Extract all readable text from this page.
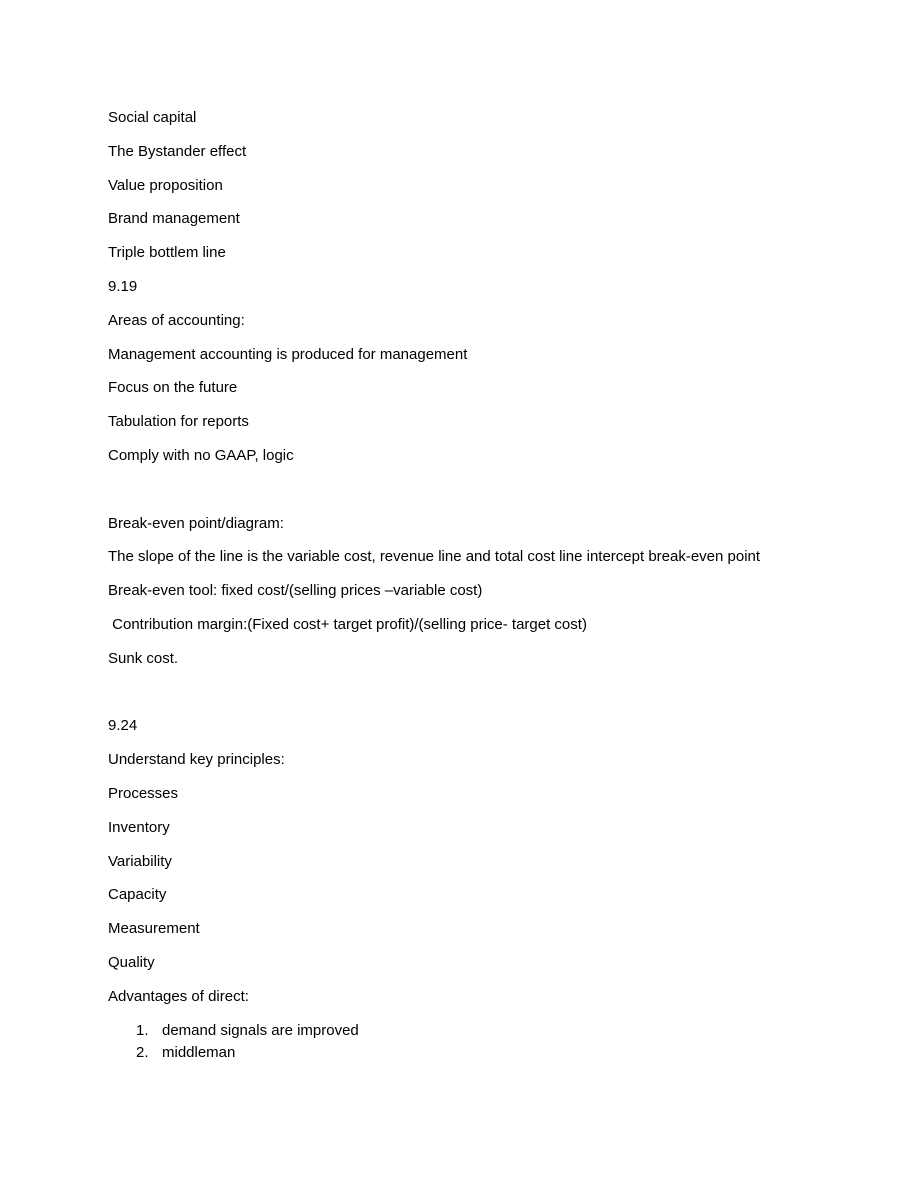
Social capital
The Bystander effect
Value proposition
Brand management
Triple bottlem line
9.19
Areas of accounting:
Management accounting is produced for management
Focus on the future
Tabulation for reports
Comply with no GAAP, logic
Break-even point/diagram:
The slope of the line is the variable cost, revenue line and total cost line intercept break-even point
Break-even tool: fixed cost/(selling prices –variable cost)
Contribution margin:(Fixed cost+ target profit)/(selling price- target cost)
Sunk cost.
9.24
Understand key principles:
Processes
Inventory
Variability
Capacity
Measurement
Quality
Advantages of direct:
1. demand signals are improved
2. middleman
